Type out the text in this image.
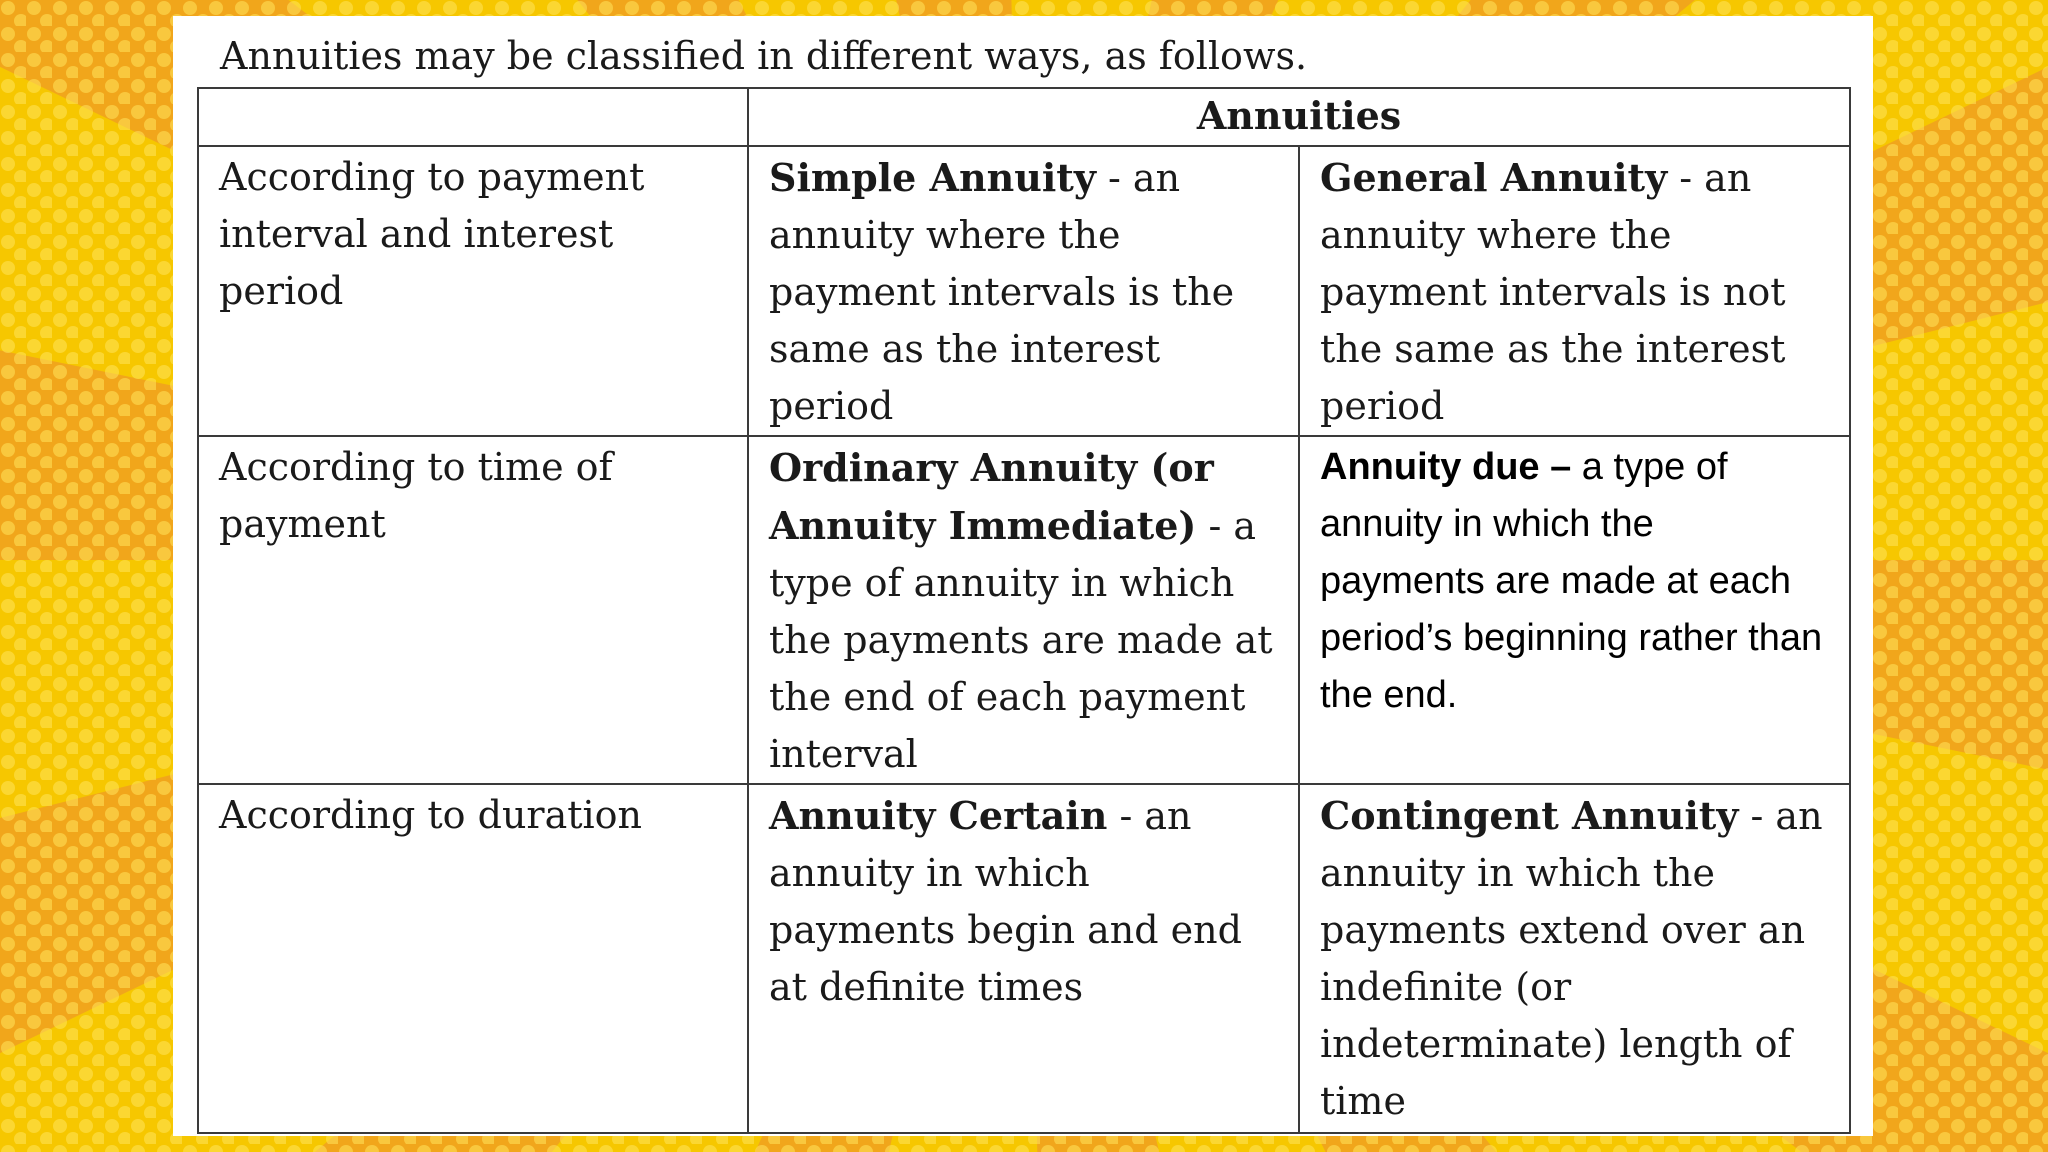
Annuities may be classified in different ways, as follows.

	Annuities	
According to payment interval and interest period	Simple Annuity - an annuity where the payment intervals is the same as the interest period	General Annuity - an annuity where the payment intervals is not the same as the interest period
According to time of payment	Ordinary Annuity (or Annuity Immediate) - a type of annuity in which the payments are made at the end of each payment interval	Annuity due – a type of annuity in which the payments are made at each period’s beginning rather than the end.
According to duration	Annuity Certain - an annuity in which payments begin and end at definite times	Contingent Annuity - an annuity in which the payments extend over an indefinite (or indeterminate) length of time
